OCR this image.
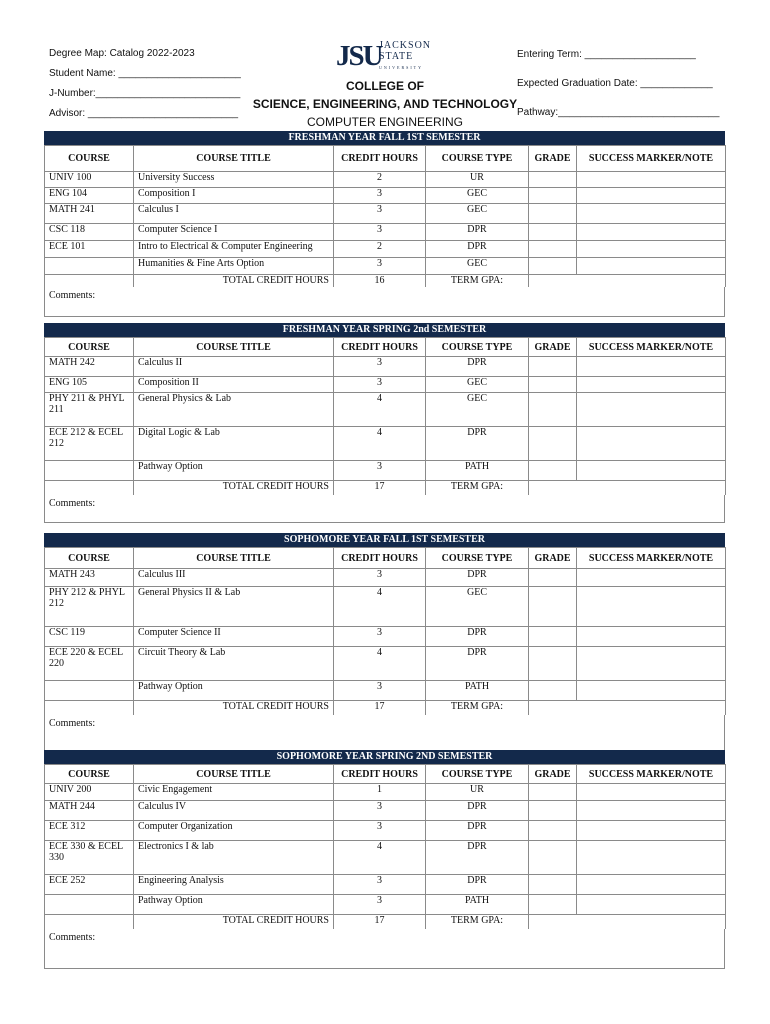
Degree Map: Catalog 2022-2023
Student Name: ______________________
J-Number:__________________________
Advisor: ___________________________
JSU
JACKSON
STATE
UNIVERSITY
COLLEGE OF
SCIENCE, ENGINEERING, AND TECHNOLOGY
COMPUTER ENGINEERING
Entering Term: ____________________
Expected Graduation Date: _____________
Pathway:_____________________________
FRESHMAN YEAR FALL 1ST SEMESTER
COURSE	COURSE TITLE	CREDIT HOURS	COURSE TYPE	GRADE	SUCCESS MARKER/NOTE
UNIV 100	University Success	2	UR		
ENG 104	Composition I	3	GEC		
MATH 241	Calculus I	3	GEC		
CSC 118	Computer Science I	3	DPR		
ECE 101	Intro to Electrical & Computer Engineering	2	DPR		
	Humanities & Fine Arts Option	3	GEC		
	TOTAL CREDIT HOURS	16	TERM GPA:		
Comments:
FRESHMAN YEAR SPRING 2nd SEMESTER
COURSE	COURSE TITLE	CREDIT HOURS	COURSE TYPE	GRADE	SUCCESS MARKER/NOTE
MATH 242	Calculus II	3	DPR		
ENG 105	Composition II	3	GEC		
PHY 211 & PHYL 211	General Physics & Lab	4	GEC		
ECE 212 & ECEL 212	Digital Logic & Lab	4	DPR		
	Pathway Option	3	PATH		
	TOTAL CREDIT HOURS	17	TERM GPA:		
Comments:
SOPHOMORE YEAR FALL 1ST SEMESTER
COURSE	COURSE TITLE	CREDIT HOURS	COURSE TYPE	GRADE	SUCCESS MARKER/NOTE
MATH 243	Calculus III	3	DPR		
PHY 212 & PHYL 212	General Physics II & Lab	4	GEC		
CSC 119	Computer Science II	3	DPR		
ECE 220 & ECEL 220	Circuit Theory & Lab	4	DPR		
	Pathway Option	3	PATH		
	TOTAL CREDIT HOURS	17	TERM GPA:		
Comments:
SOPHOMORE YEAR SPRING 2ND SEMESTER
COURSE	COURSE TITLE	CREDIT HOURS	COURSE TYPE	GRADE	SUCCESS MARKER/NOTE
UNIV 200	Civic Engagement	1	UR		
MATH 244	Calculus IV	3	DPR		
ECE 312	Computer Organization	3	DPR		
ECE 330 & ECEL 330	Electronics I & lab	4	DPR		
ECE 252	Engineering Analysis	3	DPR		
	Pathway Option	3	PATH		
	TOTAL CREDIT HOURS	17	TERM GPA:		
Comments:
